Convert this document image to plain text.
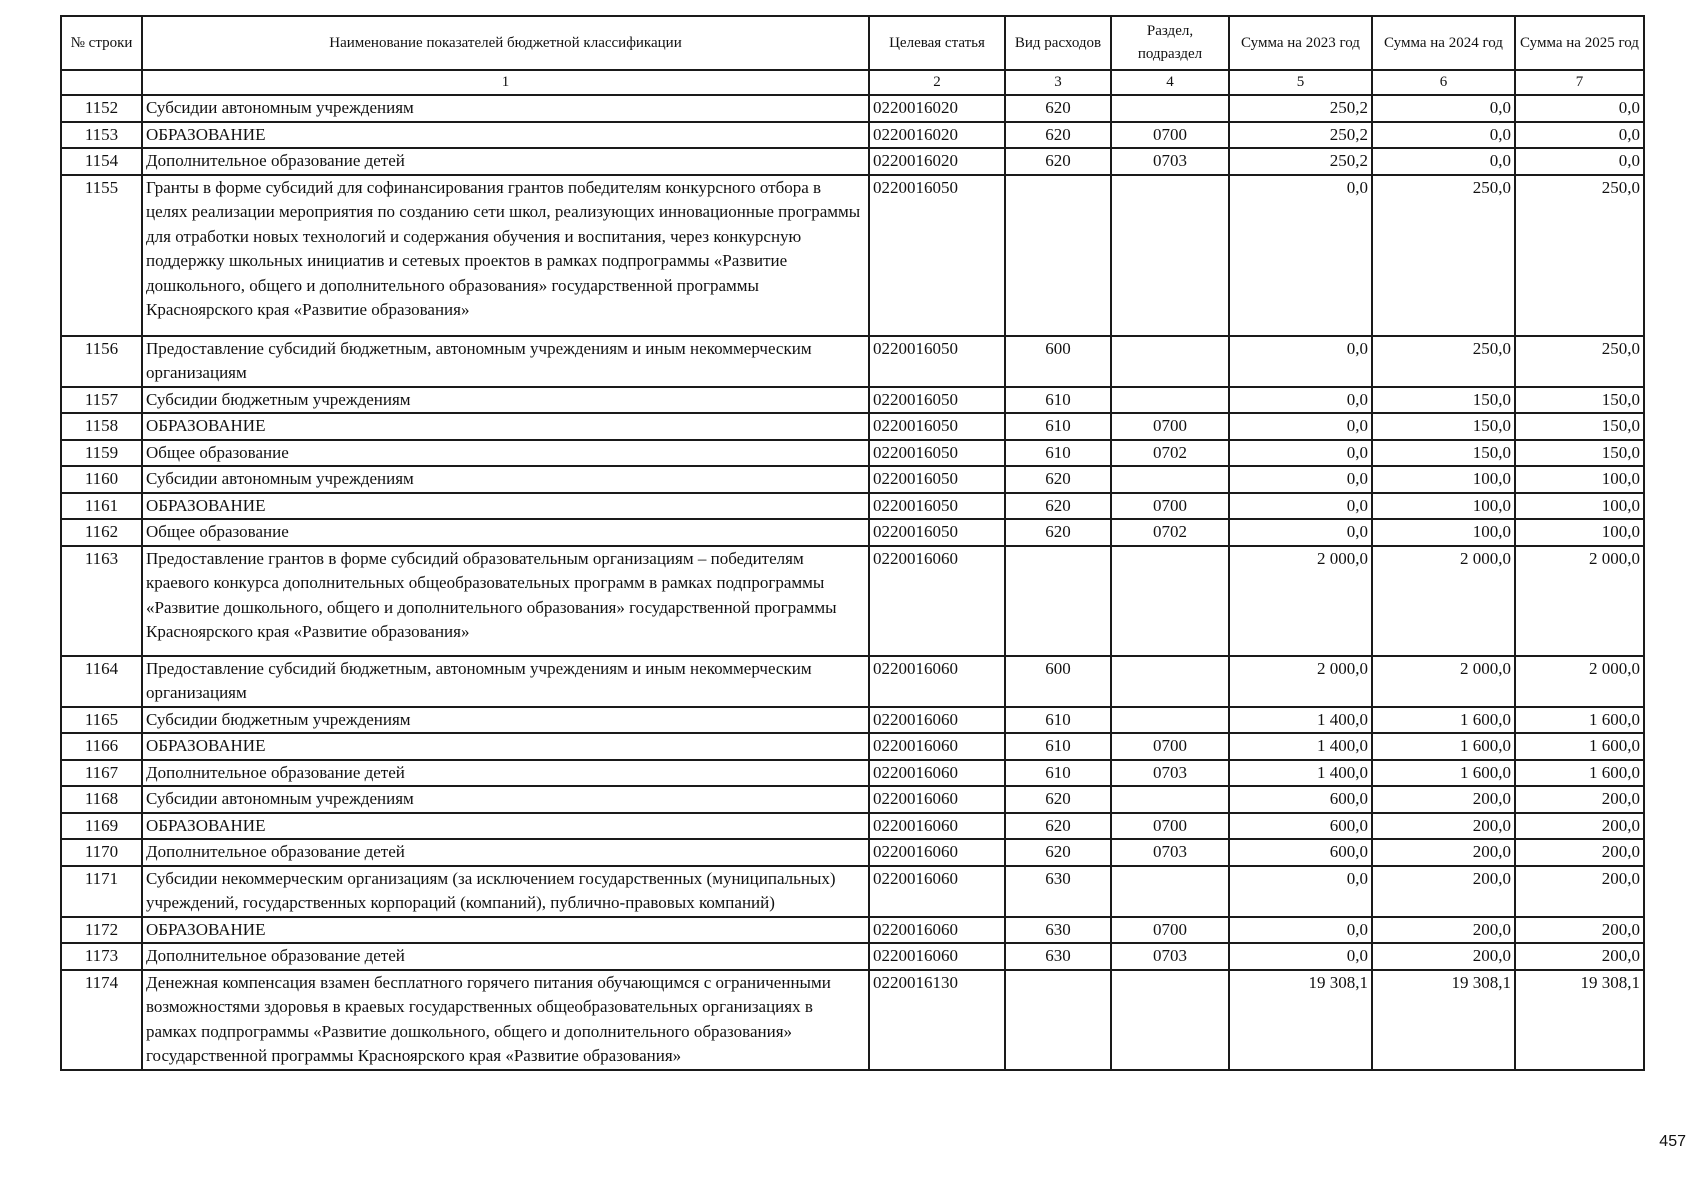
№ строки	Наименование показателей бюджетной классификации	Целевая статья	Вид расходов	Раздел, подраздел	Сумма на 2023 год	Сумма на 2024 год	Сумма на 2025 год
	1	2	3	4	5	6	7
1152	Субсидии автономным учреждениям	0220016020	620		250,2	0,0	0,0
1153	ОБРАЗОВАНИЕ	0220016020	620	0700	250,2	0,0	0,0
1154	Дополнительное образование детей	0220016020	620	0703	250,2	0,0	0,0
1155	Гранты в форме субсидий для софинансирования грантов победителям конкурсного отбора в целях реализации мероприятия по созданию сети школ, реализующих инновационные программы для отработки новых технологий и содержания обучения и воспитания, через конкурсную поддержку школьных инициатив и сетевых проектов в рамках подпрограммы «Развитие дошкольного, общего и дополнительного образования» государственной программы Красноярского края «Развитие образования»	0220016050			0,0	250,0	250,0
1156	Предоставление субсидий бюджетным, автономным учреждениям и иным некоммерческим организациям	0220016050	600		0,0	250,0	250,0
1157	Субсидии бюджетным учреждениям	0220016050	610		0,0	150,0	150,0
1158	ОБРАЗОВАНИЕ	0220016050	610	0700	0,0	150,0	150,0
1159	Общее образование	0220016050	610	0702	0,0	150,0	150,0
1160	Субсидии автономным учреждениям	0220016050	620		0,0	100,0	100,0
1161	ОБРАЗОВАНИЕ	0220016050	620	0700	0,0	100,0	100,0
1162	Общее образование	0220016050	620	0702	0,0	100,0	100,0
1163	Предоставление грантов в форме субсидий образовательным организациям – победителям краевого конкурса дополнительных общеобразовательных программ в рамках подпрограммы «Развитие дошкольного, общего и дополнительного образования» государственной программы Красноярского края «Развитие образования»	0220016060			2 000,0	2 000,0	2 000,0
1164	Предоставление субсидий бюджетным, автономным учреждениям и иным некоммерческим организациям	0220016060	600		2 000,0	2 000,0	2 000,0
1165	Субсидии бюджетным учреждениям	0220016060	610		1 400,0	1 600,0	1 600,0
1166	ОБРАЗОВАНИЕ	0220016060	610	0700	1 400,0	1 600,0	1 600,0
1167	Дополнительное образование детей	0220016060	610	0703	1 400,0	1 600,0	1 600,0
1168	Субсидии автономным учреждениям	0220016060	620		600,0	200,0	200,0
1169	ОБРАЗОВАНИЕ	0220016060	620	0700	600,0	200,0	200,0
1170	Дополнительное образование детей	0220016060	620	0703	600,0	200,0	200,0
1171	Субсидии некоммерческим организациям (за исключением государственных (муниципальных) учреждений, государственных корпораций (компаний), публично-правовых компаний)	0220016060	630		0,0	200,0	200,0
1172	ОБРАЗОВАНИЕ	0220016060	630	0700	0,0	200,0	200,0
1173	Дополнительное образование детей	0220016060	630	0703	0,0	200,0	200,0
1174	Денежная компенсация взамен бесплатного горячего питания обучающимся с ограниченными возможностями здоровья в краевых государственных общеобразовательных организациях в рамках подпрограммы «Развитие дошкольного, общего и дополнительного образования» государственной программы Красноярского края «Развитие образования»	0220016130			19 308,1	19 308,1	19 308,1
457
